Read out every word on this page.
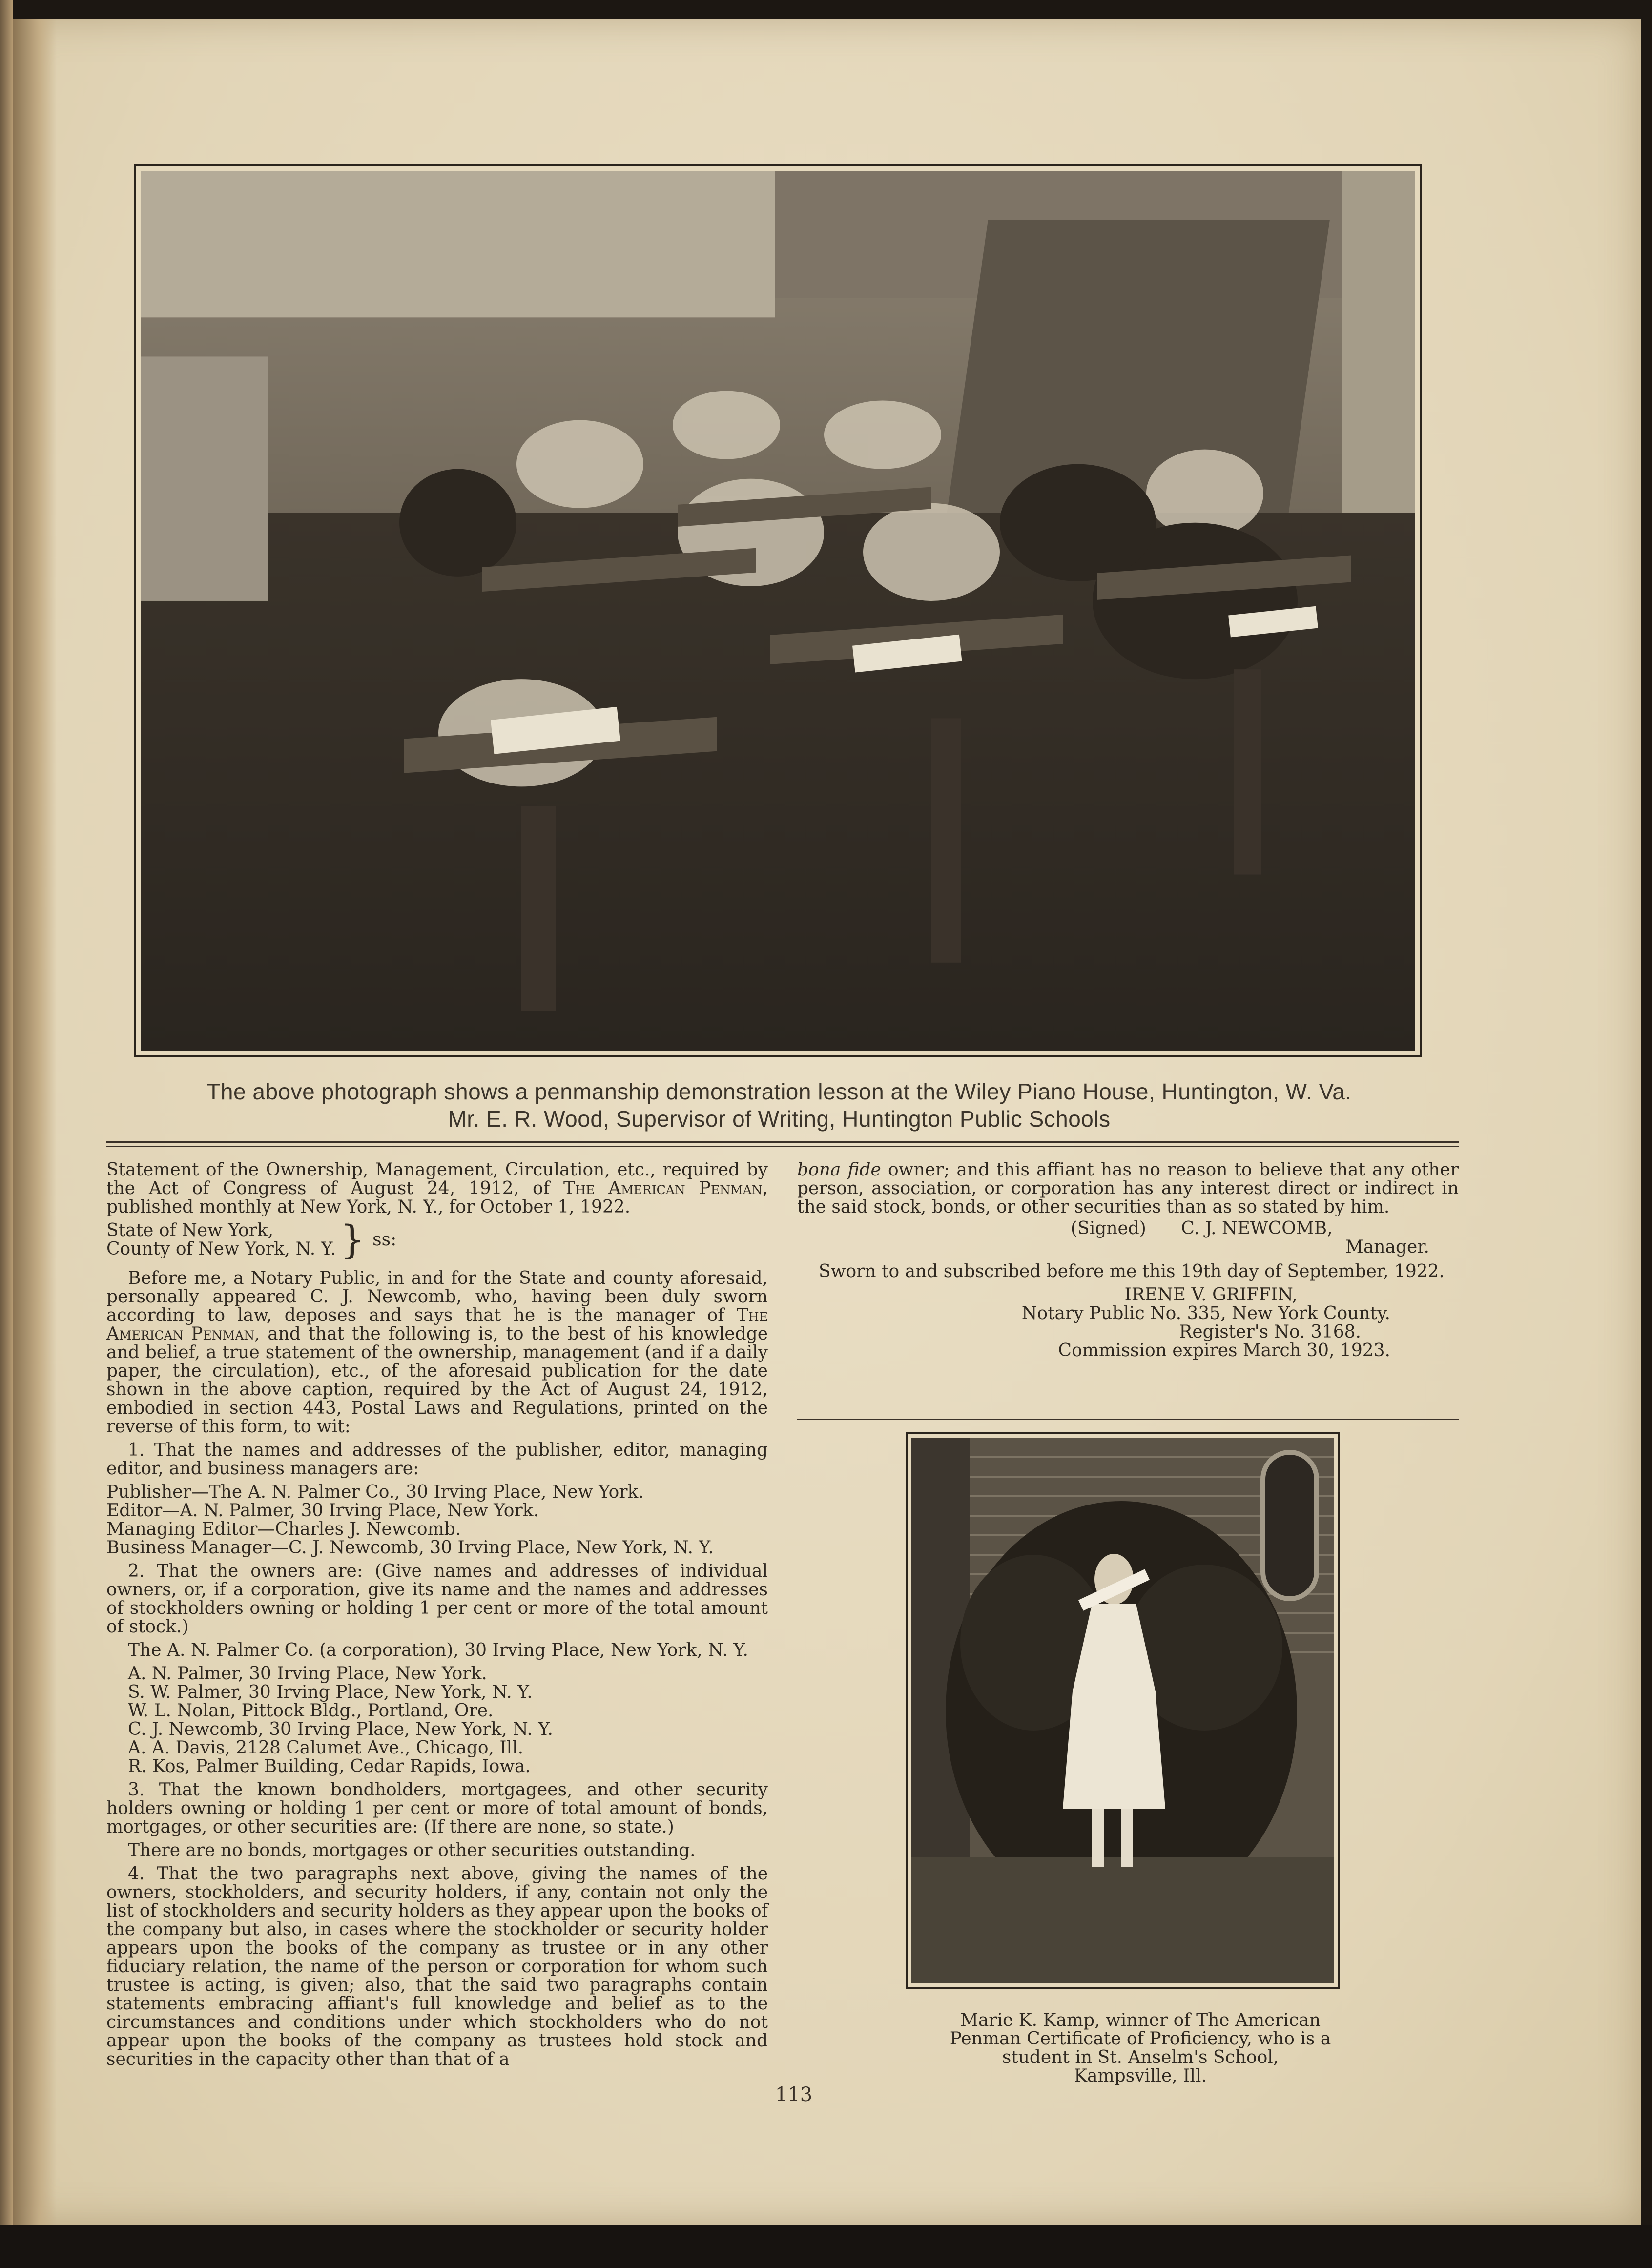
The above photograph shows a penmanship demonstration lesson at the Wiley Piano House, Huntington, W. Va.
Mr. E. R. Wood, Supervisor of Writing, Huntington Public Schools

Statement of the Ownership, Management, Circulation, etc., required by the Act of Congress of August 24, 1912, of The American Penman, published monthly at New York, N. Y., for October 1, 1922.

State of New York,
County of New York, N. Y. } ss:

Before me, a Notary Public, in and for the State and county aforesaid, personally appeared C. J. Newcomb, who, having been duly sworn according to law, deposes and says that he is the manager of The American Penman, and that the following is, to the best of his knowledge and belief, a true statement of the ownership, management (and if a daily paper, the circulation), etc., of the aforesaid publication for the date shown in the above caption, required by the Act of August 24, 1912, embodied in section 443, Postal Laws and Regulations, printed on the reverse of this form, to wit:

1. That the names and addresses of the publisher, editor, managing editor, and business managers are:

Publisher—The A. N. Palmer Co., 30 Irving Place, New York.
Editor—A. N. Palmer, 30 Irving Place, New York.
Managing Editor—Charles J. Newcomb.
Business Manager—C. J. Newcomb, 30 Irving Place, New York, N. Y.

2. That the owners are: (Give names and addresses of individual owners, or, if a corporation, give its name and the names and addresses of stockholders owning or holding 1 per cent or more of the total amount of stock.)

The A. N. Palmer Co. (a corporation), 30 Irving Place, New York, N. Y.

A. N. Palmer, 30 Irving Place, New York.
S. W. Palmer, 30 Irving Place, New York, N. Y.
W. L. Nolan, Pittock Bldg., Portland, Ore.
C. J. Newcomb, 30 Irving Place, New York, N. Y.
A. A. Davis, 2128 Calumet Ave., Chicago, Ill.
R. Kos, Palmer Building, Cedar Rapids, Iowa.

3. That the known bondholders, mortgagees, and other security holders owning or holding 1 per cent or more of total amount of bonds, mortgages, or other securities are: (If there are none, so state.)

There are no bonds, mortgages or other securities outstanding.

4. That the two paragraphs next above, giving the names of the owners, stockholders, and security holders, if any, contain not only the list of stockholders and security holders as they appear upon the books of the company but also, in cases where the stockholder or security holder appears upon the books of the company as trustee or in any other fiduciary relation, the name of the person or corporation for whom such trustee is acting, is given; also, that the said two paragraphs contain statements embracing affiant's full knowledge and belief as to the circumstances and conditions under which stockholders who do not appear upon the books of the company as trustees hold stock and securities in the capacity other than that of a

bona fide owner; and this affiant has no reason to believe that any other person, association, or corporation has any interest direct or indirect in the said stock, bonds, or other securities than as so stated by him.

(Signed) C. J. NEWCOMB,
Manager.

Sworn to and subscribed before me this 19th day of September, 1922.

IRENE V. GRIFFIN,
Notary Public No. 335, New York County.
Register's No. 3168.
Commission expires March 30, 1923.
Marie K. Kamp, winner of The American
Penman Certificate of Proficiency, who is a
student in St. Anselm's School,
Kampsville, Ill.
113
